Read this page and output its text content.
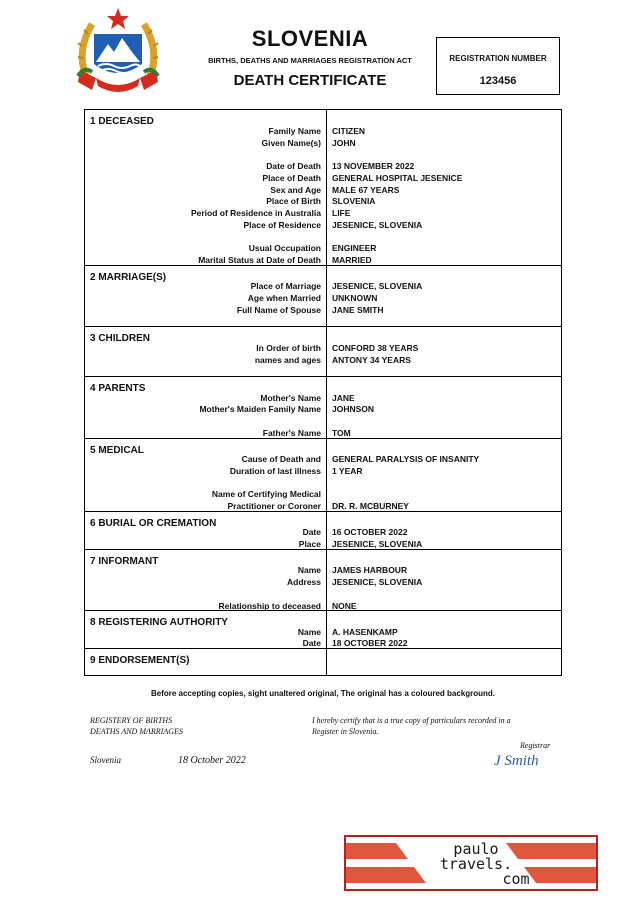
SLOVENIA
BIRTHS, DEATHS AND MARRIAGES REGISTRATION ACT
DEATH CERTIFICATE
REGISTRATION NUMBER
123456
1 DECEASED
Family Name CITIZEN
Given Name(s) JOHN
Date of Death 13 NOVEMBER 2022
Place of Death GENERAL HOSPITAL JESENICE
Sex and Age MALE 67 YEARS
Place of Birth SLOVENIA
Period of Residence in Australia LIFE
Place of Residence JESENICE, SLOVENIA
Usual Occupation ENGINEER
Marital Status at Date of Death MARRIED
2 MARRIAGE(S)
Place of Marriage JESENICE, SLOVENIA
Age when Married UNKNOWN
Full Name of Spouse JANE SMITH
3 CHILDREN
In Order of birth CONFORD 38 YEARS
names and ages ANTONY 34 YEARS
4 PARENTS
Mother's Name JANE
Mother's Maiden Family Name JOHNSON
Father's Name TOM
5 MEDICAL
Cause of Death and GENERAL PARALYSIS OF INSANITY
Duration of last illness 1 YEAR
Name of Certifying Medical
Practitioner or Coroner DR. R. MCBURNEY
6 BURIAL OR CREMATION
Date 16 OCTOBER 2022
Place JESENICE, SLOVENIA
7 INFORMANT
Name JAMES HARBOUR
Address JESENICE, SLOVENIA
Relationship to deceased NONE
8 REGISTERING AUTHORITY
Name A. HASENKAMP
Date 18 OCTOBER 2022
9 ENDORSEMENT(S)
Before accepting copies, sight unaltered original, The original has a coloured background.
REGISTERY OF BIRTHS
DEATHS AND MARRIAGES
I hereby certify that is a true copy of particulars recorded in a
Register in Slovenia.
Registrar
Slovenia	18 October 2022	J Smith
paulo
travels.
com
